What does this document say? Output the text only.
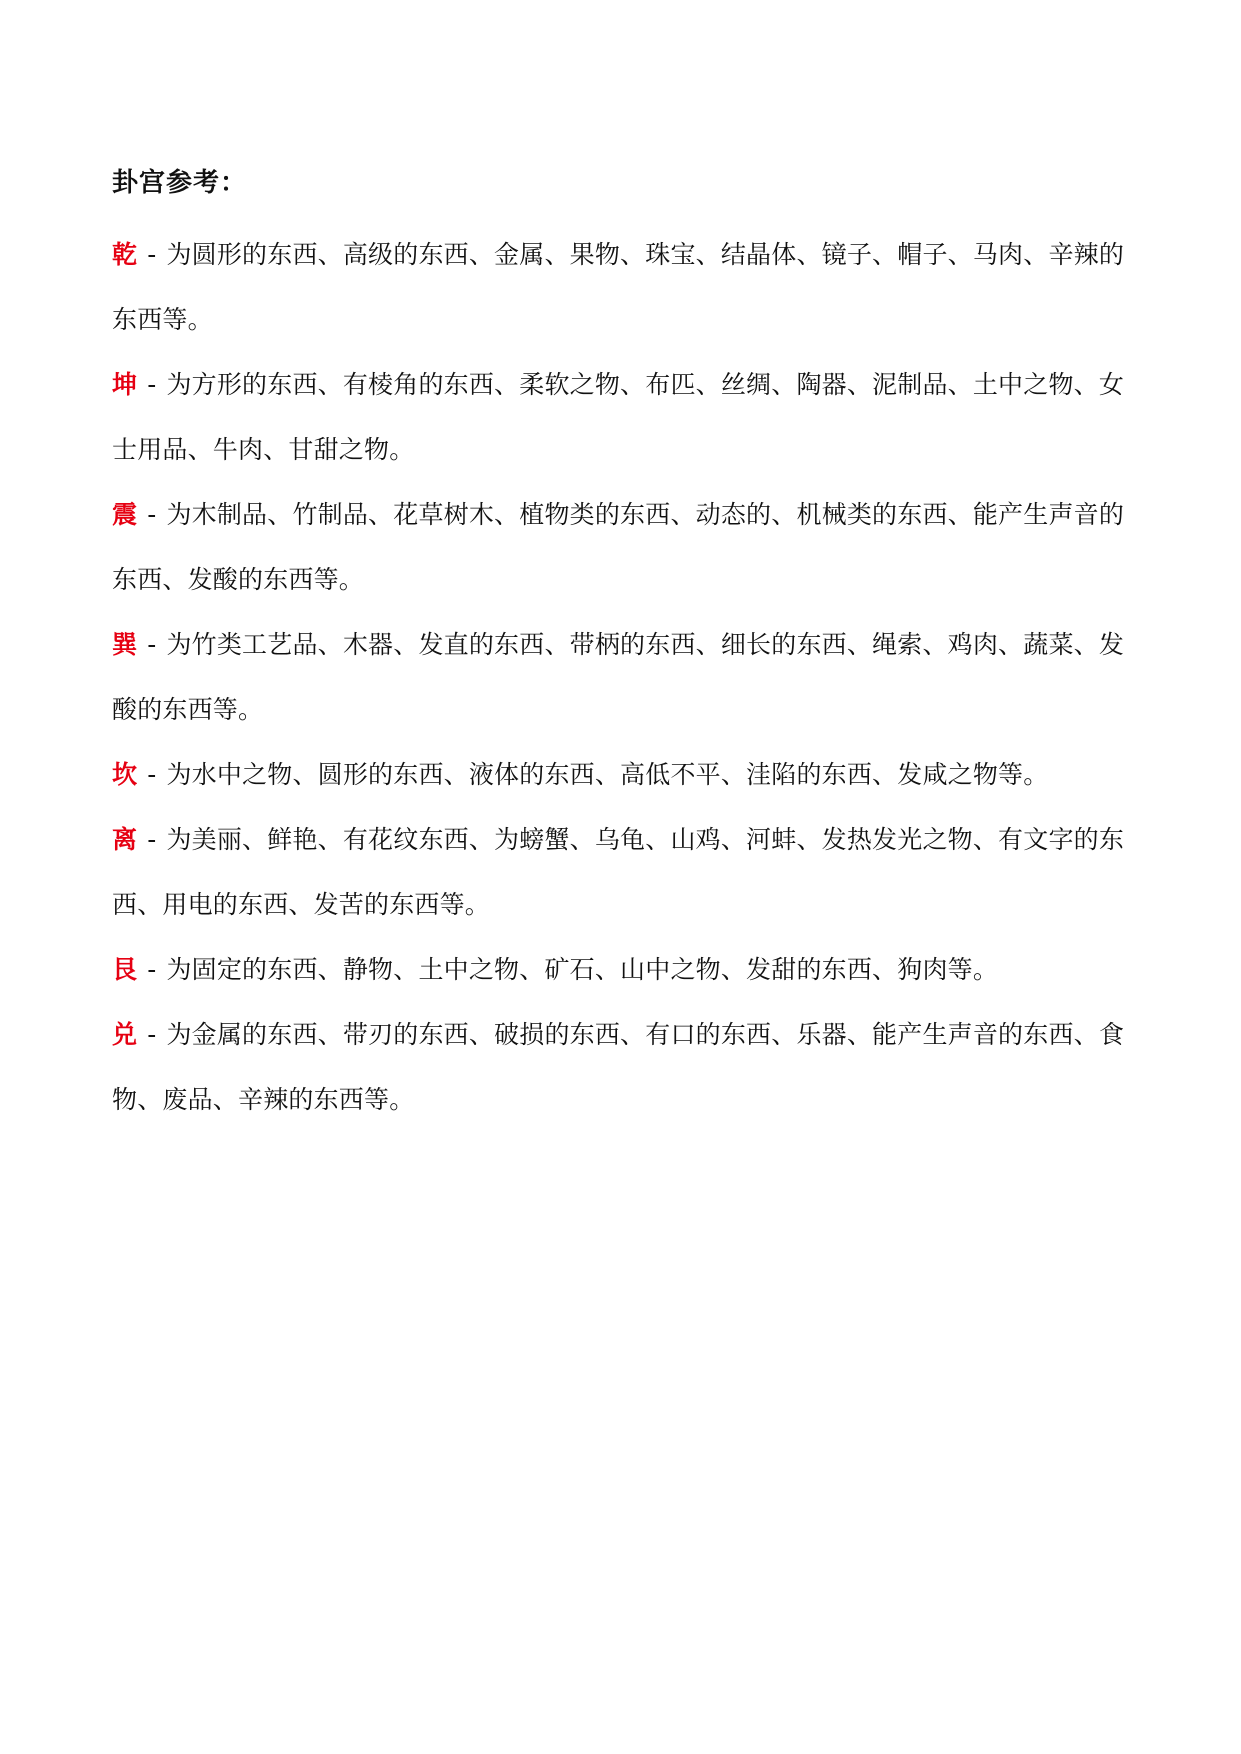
卦宫参考：

乾 - 为圆形的东西、高级的东西、金属、果物、珠宝、结晶体、镜子、帽子、马肉、辛辣的东西等。

坤 - 为方形的东西、有棱角的东西、柔软之物、布匹、丝绸、陶器、泥制品、土中之物、女士用品、牛肉、甘甜之物。

震 - 为木制品、竹制品、花草树木、植物类的东西、动态的、机械类的东西、能产生声音的东西、发酸的东西等。

巽 - 为竹类工艺品、木器、发直的东西、带柄的东西、细长的东西、绳索、鸡肉、蔬菜、发酸的东西等。

坎 - 为水中之物、圆形的东西、液体的东西、高低不平、洼陷的东西、发咸之物等。

离 - 为美丽、鲜艳、有花纹东西、为螃蟹、乌龟、山鸡、河蚌、发热发光之物、有文字的东西、用电的东西、发苦的东西等。

艮 - 为固定的东西、静物、土中之物、矿石、山中之物、发甜的东西、狗肉等。

兑 - 为金属的东西、带刃的东西、破损的东西、有口的东西、乐器、能产生声音的东西、食物、废品、辛辣的东西等。
